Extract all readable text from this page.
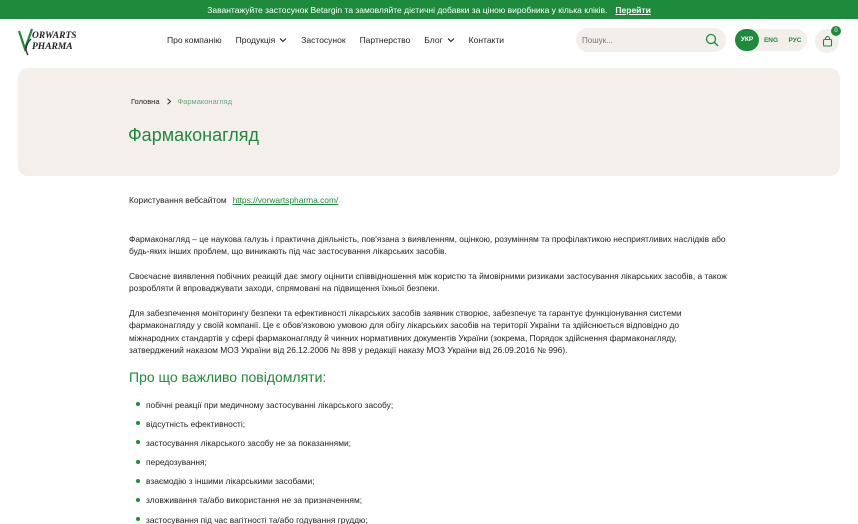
Завантажуйте застосунок Betargin та замовляйте дієтичні добавки за ціною виробника у кілька кліків. Перейти
ORWARTS
PHARMA
Про компанію Продукція	Застосунок Партнерство Блог	Контакти
Пошук...	УКР	ENG	РУС
0
Головна Фармаконагляд
Фармаконагляд
Користування вебсайтом https://vorwartspharma.com/

Фармаконагляд – це наукова галузь і практична діяльність, пов'язана з виявленням, оцінкою, розумінням та профілактикою несприятливих наслідків або будь-яких інших проблем, що виникають під час застосування лікарських засобів.

Своєчасне виявлення побічних реакцій дає змогу оцінити співвідношення між користю та ймовірними ризиками застосування лікарських засобів, а також розробляти й впроваджувати заходи, спрямовані на підвищення їхньої безпеки.

Для забезпечення моніторингу безпеки та ефективності лікарських засобів заявник створює, забезпечує та гарантує функціонування системи фармаконагляду у своїй компанії. Це є обов'язковою умовою для обігу лікарських засобів на території України та здійснюється відповідно до міжнародних стандартів у сфері фармаконагляду й чинних нормативних документів України (зокрема, Порядок здійснення фармаконагляду, затверджений наказом МОЗ України від 26.12.2006 № 898 у редакції наказу МОЗ України від 26.09.2016 № 996).

Про що важливо повідомляти:
побічні реакції при медичному застосуванні лікарського засобу;
відсутність ефективності;
застосування лікарського засобу не за показаннями;
передозування;
взаємодію з іншими лікарськими засобами;
зловживання та/або використання не за призначенням;
застосування під час вагітності та/або годування груддю;
